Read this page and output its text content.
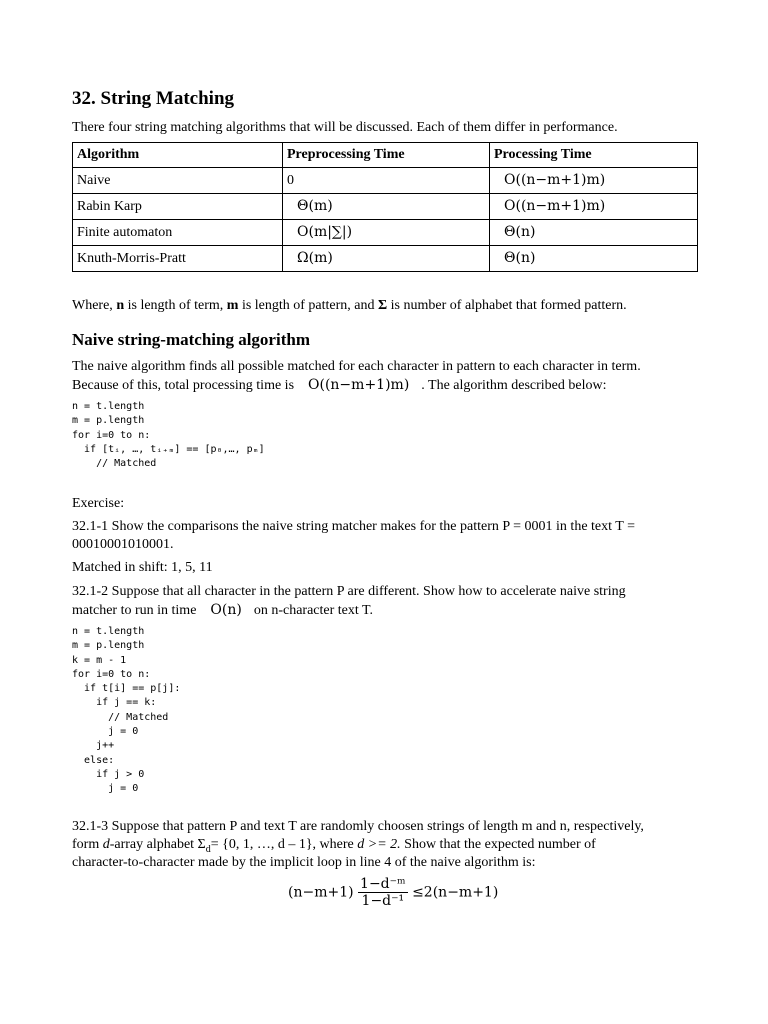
32. String Matching

There four string matching algorithms that will be discussed. Each of them differ in performance.

Algorithm	Preprocessing Time	Processing Time
Naive	0	O((n−m+1)m)
Rabin Karp	Θ(m)	O((n−m+1)m)
Finite automaton	O(m|∑|)	Θ(n)
Knuth-Morris-Pratt	Ω(m)	Θ(n)

Where, n is length of term, m is length of pattern, and Σ is number of alphabet that formed pattern.

Naive string-matching algorithm

The naive algorithm finds all possible matched for each character in pattern to each character in term.

Because of this, total processing time is O((n−m+1)m) . The algorithm described below:

n = t.length
m = p.length
for i=0 to n:
if [tᵢ, …, tᵢ₊ₘ] == [p₀,…, pₘ]
// Matched

Exercise:

32.1-1 Show the comparisons the naive string matcher makes for the pattern P = 0001 in the text T =

00010001010001.

Matched in shift: 1, 5, 11

32.1-2 Suppose that all character in the pattern P are different. Show how to accelerate naive string

matcher to run in time O(n) on n-character text T.

n = t.length
m = p.length
k = m - 1
for i=0 to n:
if t[i] == p[j]:
if j == k:
// Matched
j = 0
j++
else:
if j > 0
j = 0

32.1-3 Suppose that pattern P and text T are randomly choosen strings of length m and n, respectively,

form d-array alphabet $\Sigma_d= \{0$, 1, …, d – 1}, where d >= 2. Show that the expected number of

character-to-character made by the implicit loop in line 4 of the naive algorithm is:

$(n-m+1) \frac{\text{1−d⁻ᵐ}}{\text{1−d⁻¹}} \le 2(n-m+1)$
